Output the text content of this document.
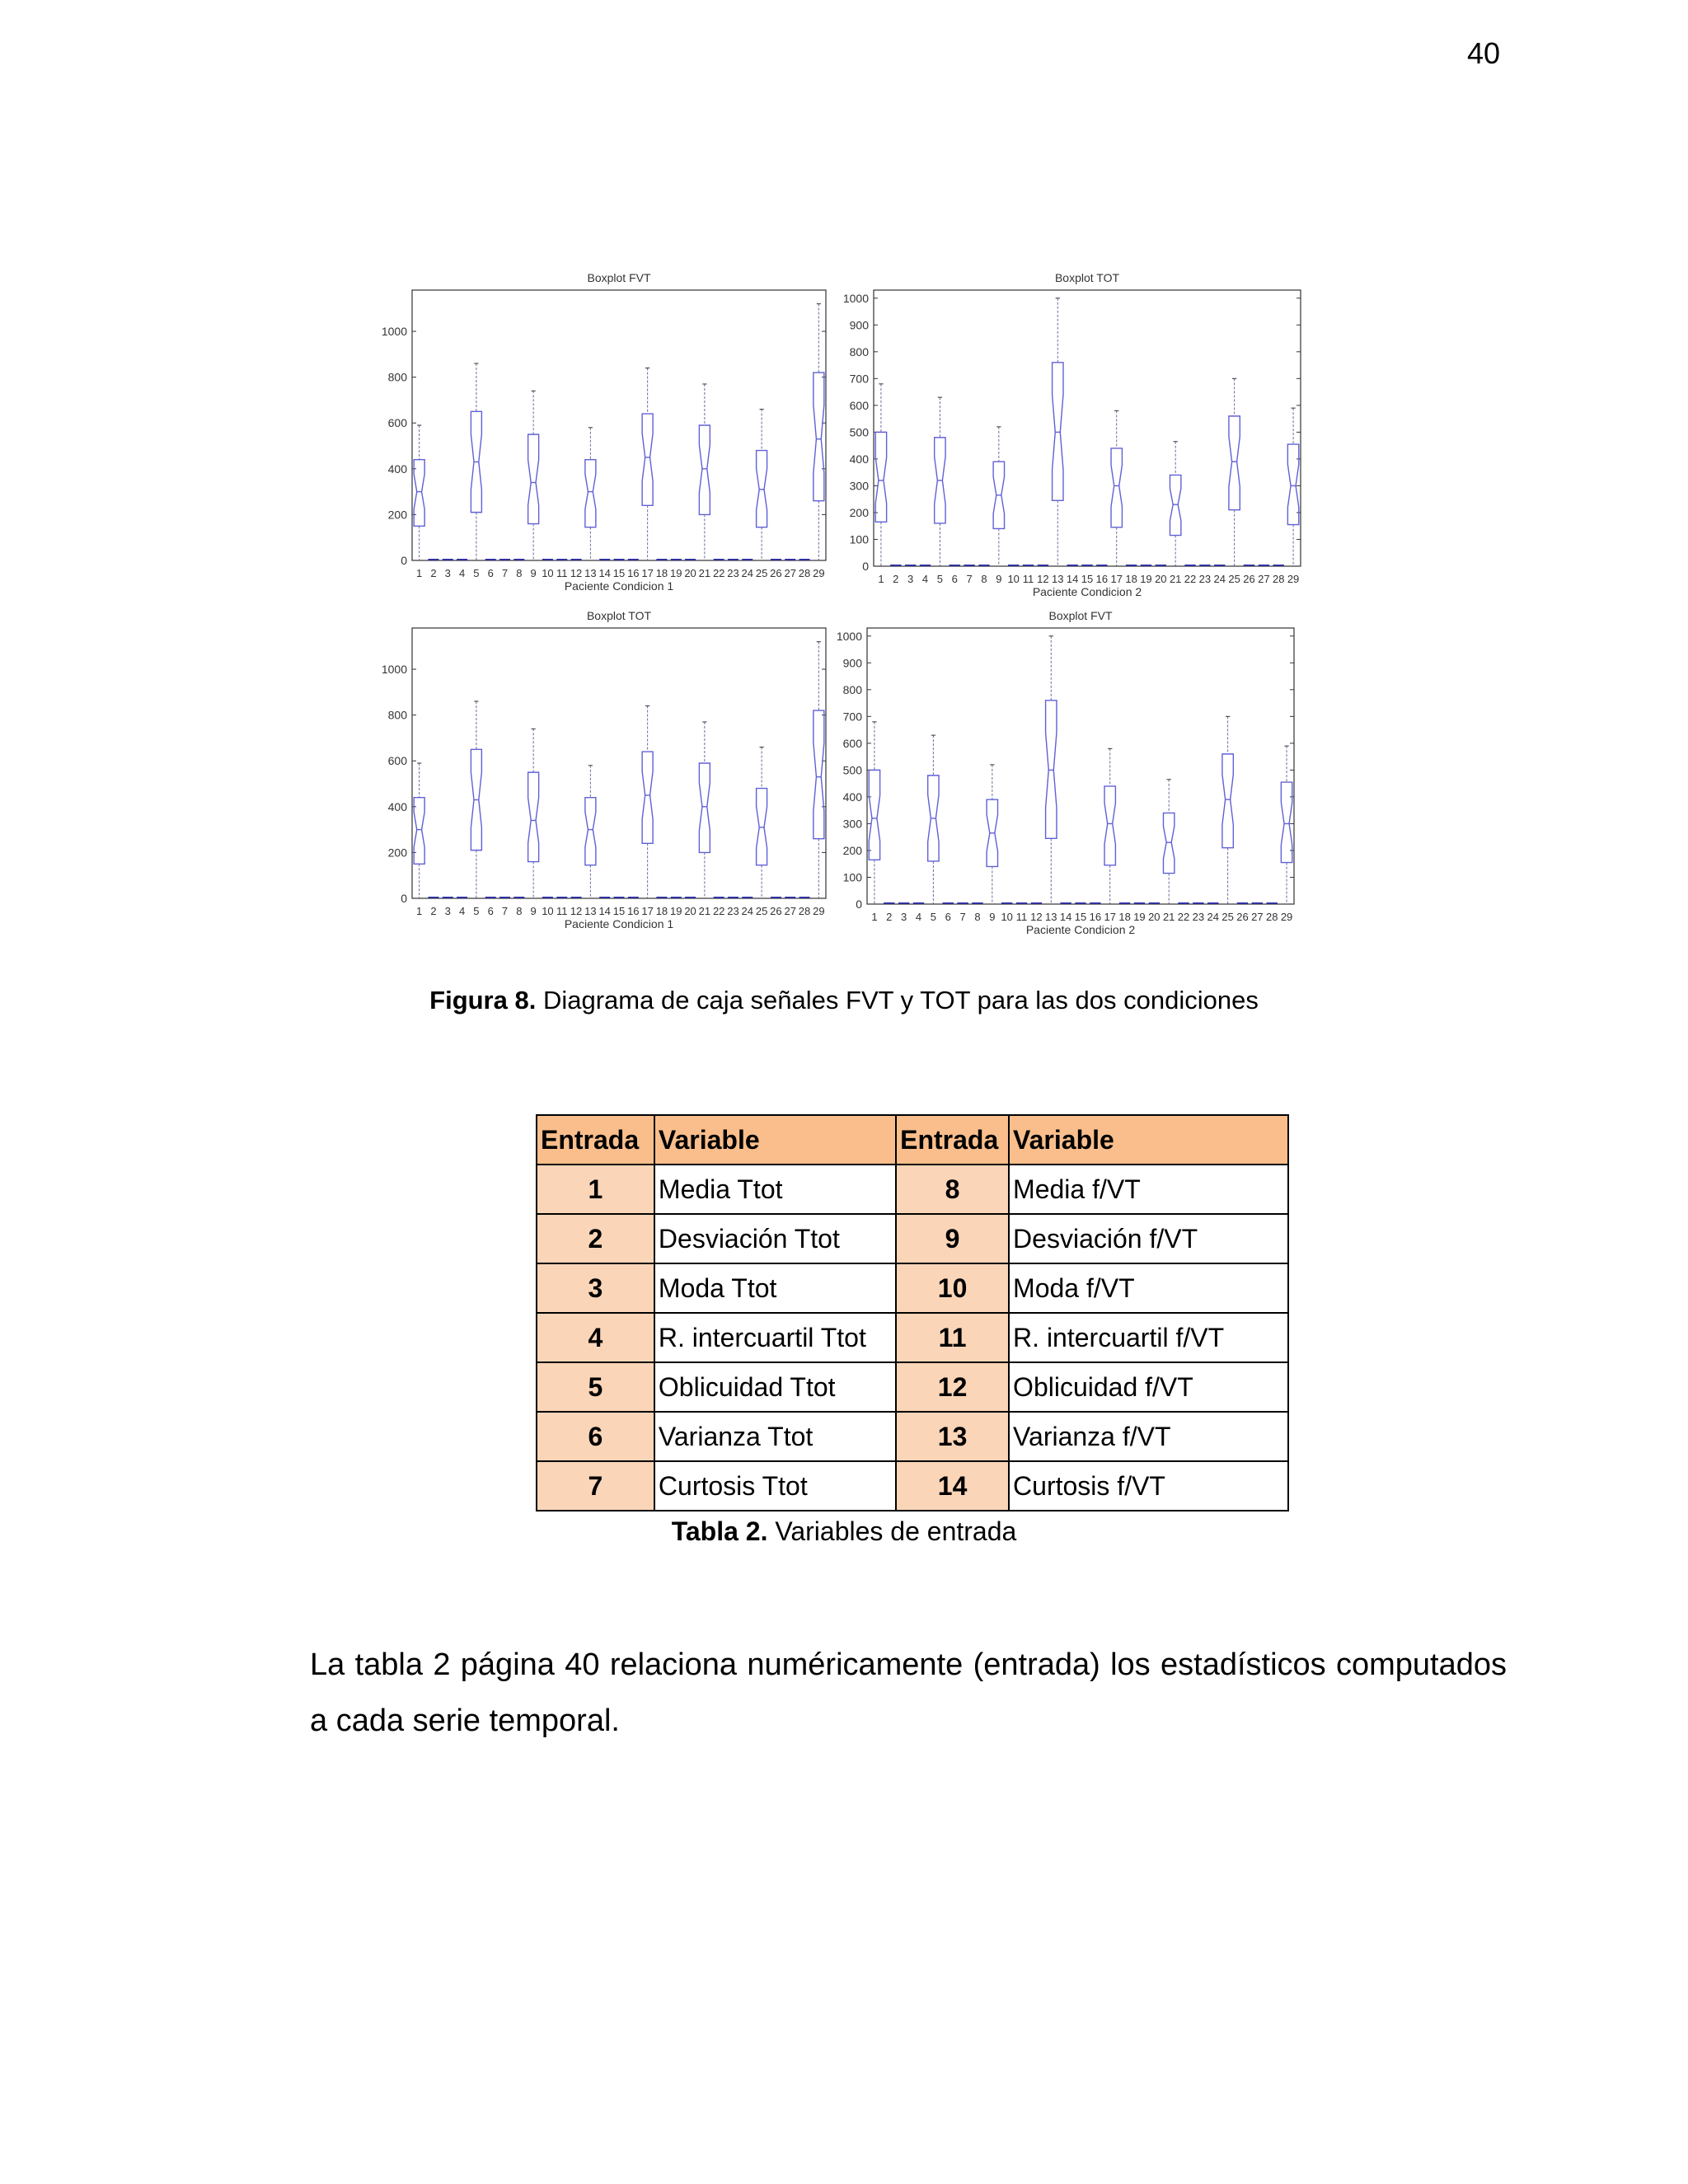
40
0
200
400
600
800
1000
1 2 3 4 5 6 7 8 9 10 11 12 13 14 15 16 17 18 19 20 21 22 23 24 25 26 27 28 29
Boxplot FVT
Paciente Condicion 1
0
100
200
300
400
500
600
700
800
900
1000
1 2 3 4 5 6 7 8 9 10 11 12 13 14 15 16 17 18 19 20 21 22 23 24 25 26 27 28 29
Boxplot TOT
Paciente Condicion 2
0
200
400
600
800
1000
1 2 3 4 5 6 7 8 9 10 11 12 13 14 15 16 17 18 19 20 21 22 23 24 25 26 27 28 29
Boxplot TOT
Paciente Condicion 1
0
100
200
300
400
500
600
700
800
900
1000
1 2 3 4 5 6 7 8 9 10 11 12 13 14 15 16 17 18 19 20 21 22 23 24 25 26 27 28 29
Boxplot FVT
Paciente Condicion 2
Figura 8. Diagrama de caja señales FVT y TOT para las dos condiciones
Entrada	Variable	Entrada	Variable
1	Media Ttot	8	Media f/VT
2	Desviación Ttot	9	Desviación f/VT
3	Moda Ttot	10	Moda f/VT
4	R. intercuartil Ttot	11	R. intercuartil f/VT
5	Oblicuidad Ttot	12	Oblicuidad f/VT
6	Varianza Ttot	13	Varianza f/VT
7	Curtosis Ttot	14	Curtosis f/VT
Tabla 2. Variables de entrada
La tabla 2 página 40 relaciona numéricamente (entrada) los estadísticos computados a cada serie temporal.
